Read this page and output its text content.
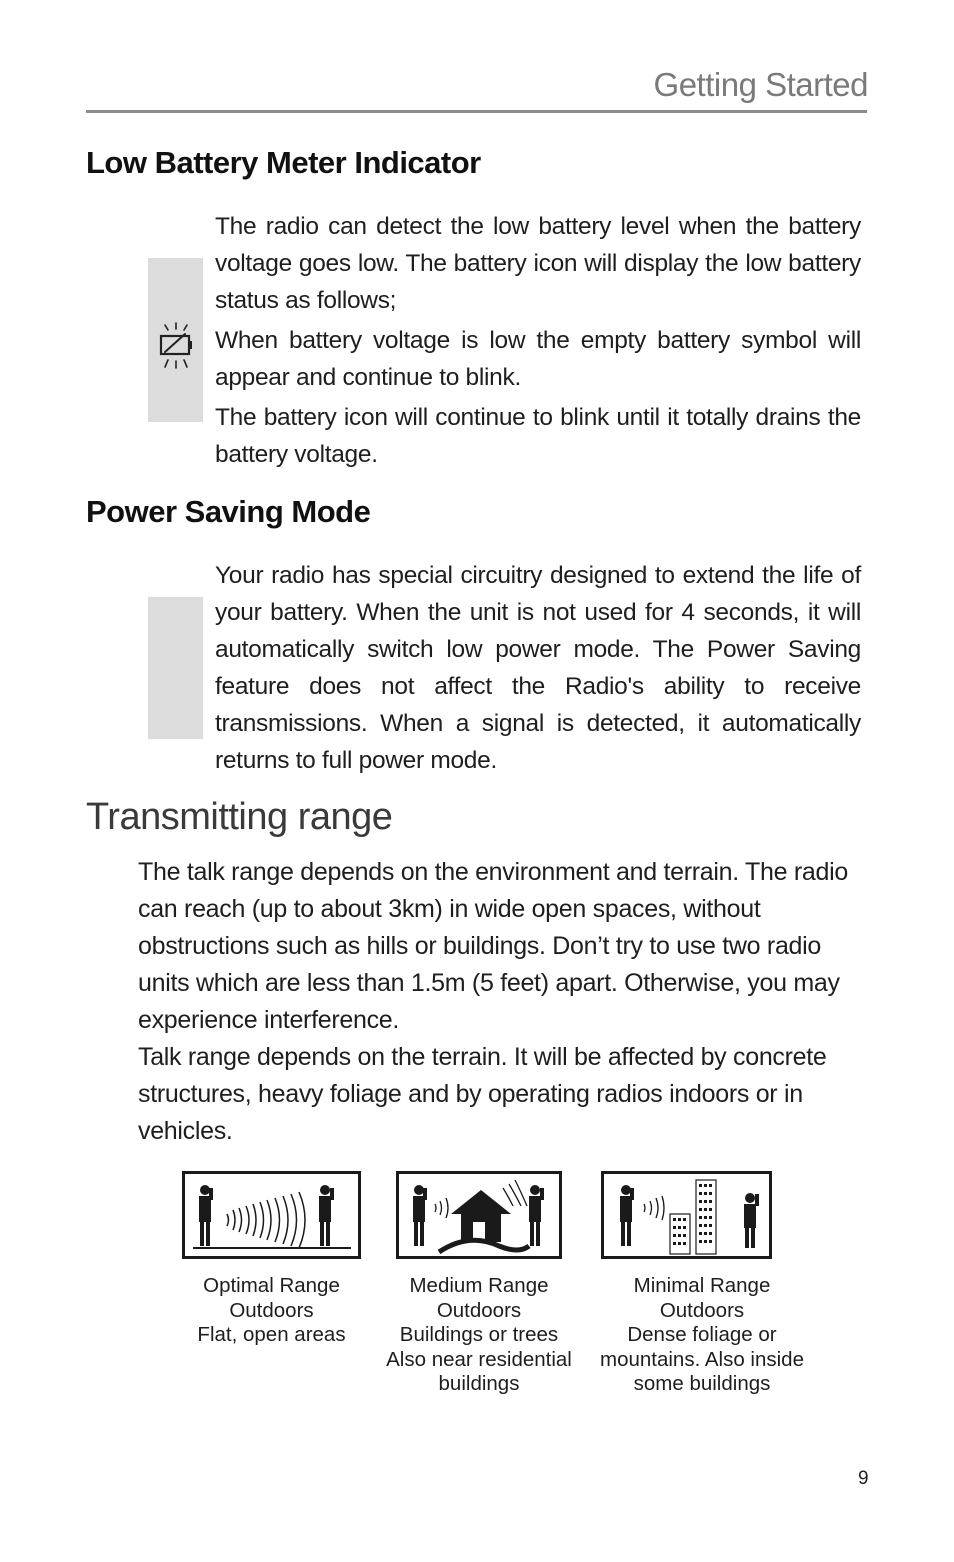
Getting Started
Low Battery Meter Indicator

The radio can detect the low battery level when the battery voltage goes low. The battery icon will display the low battery status as follows;

When battery voltage is low the empty battery symbol will appear and continue to blink.

The battery icon will continue to blink until it totally drains the battery voltage.

Power Saving Mode

Your radio has special circuitry designed to extend the life of your battery. When the unit is not used for 4 seconds, it will automatically switch low power mode. The Power Saving feature does not affect the Radio's ability to receive transmissions. When a signal is detected, it automatically returns to full power mode.

Transmitting range

The talk range depends on the environment and terrain. The radio can reach (up to about 3km) in wide open spaces, without obstructions such as hills or buildings. Don’t try to use two radio units which are less than 1.5m (5 feet) apart. Otherwise, you may experience interference.

Talk range depends on the terrain. It will be affected by concrete structures, heavy foliage and by operating radios indoors or in vehicles.

Optimal Range
Outdoors
Flat, open areas
Medium Range
Outdoors
Buildings or trees
Also near residential
buildings
Minimal Range
Outdoors
Dense foliage or
mountains. Also inside
some buildings
9
